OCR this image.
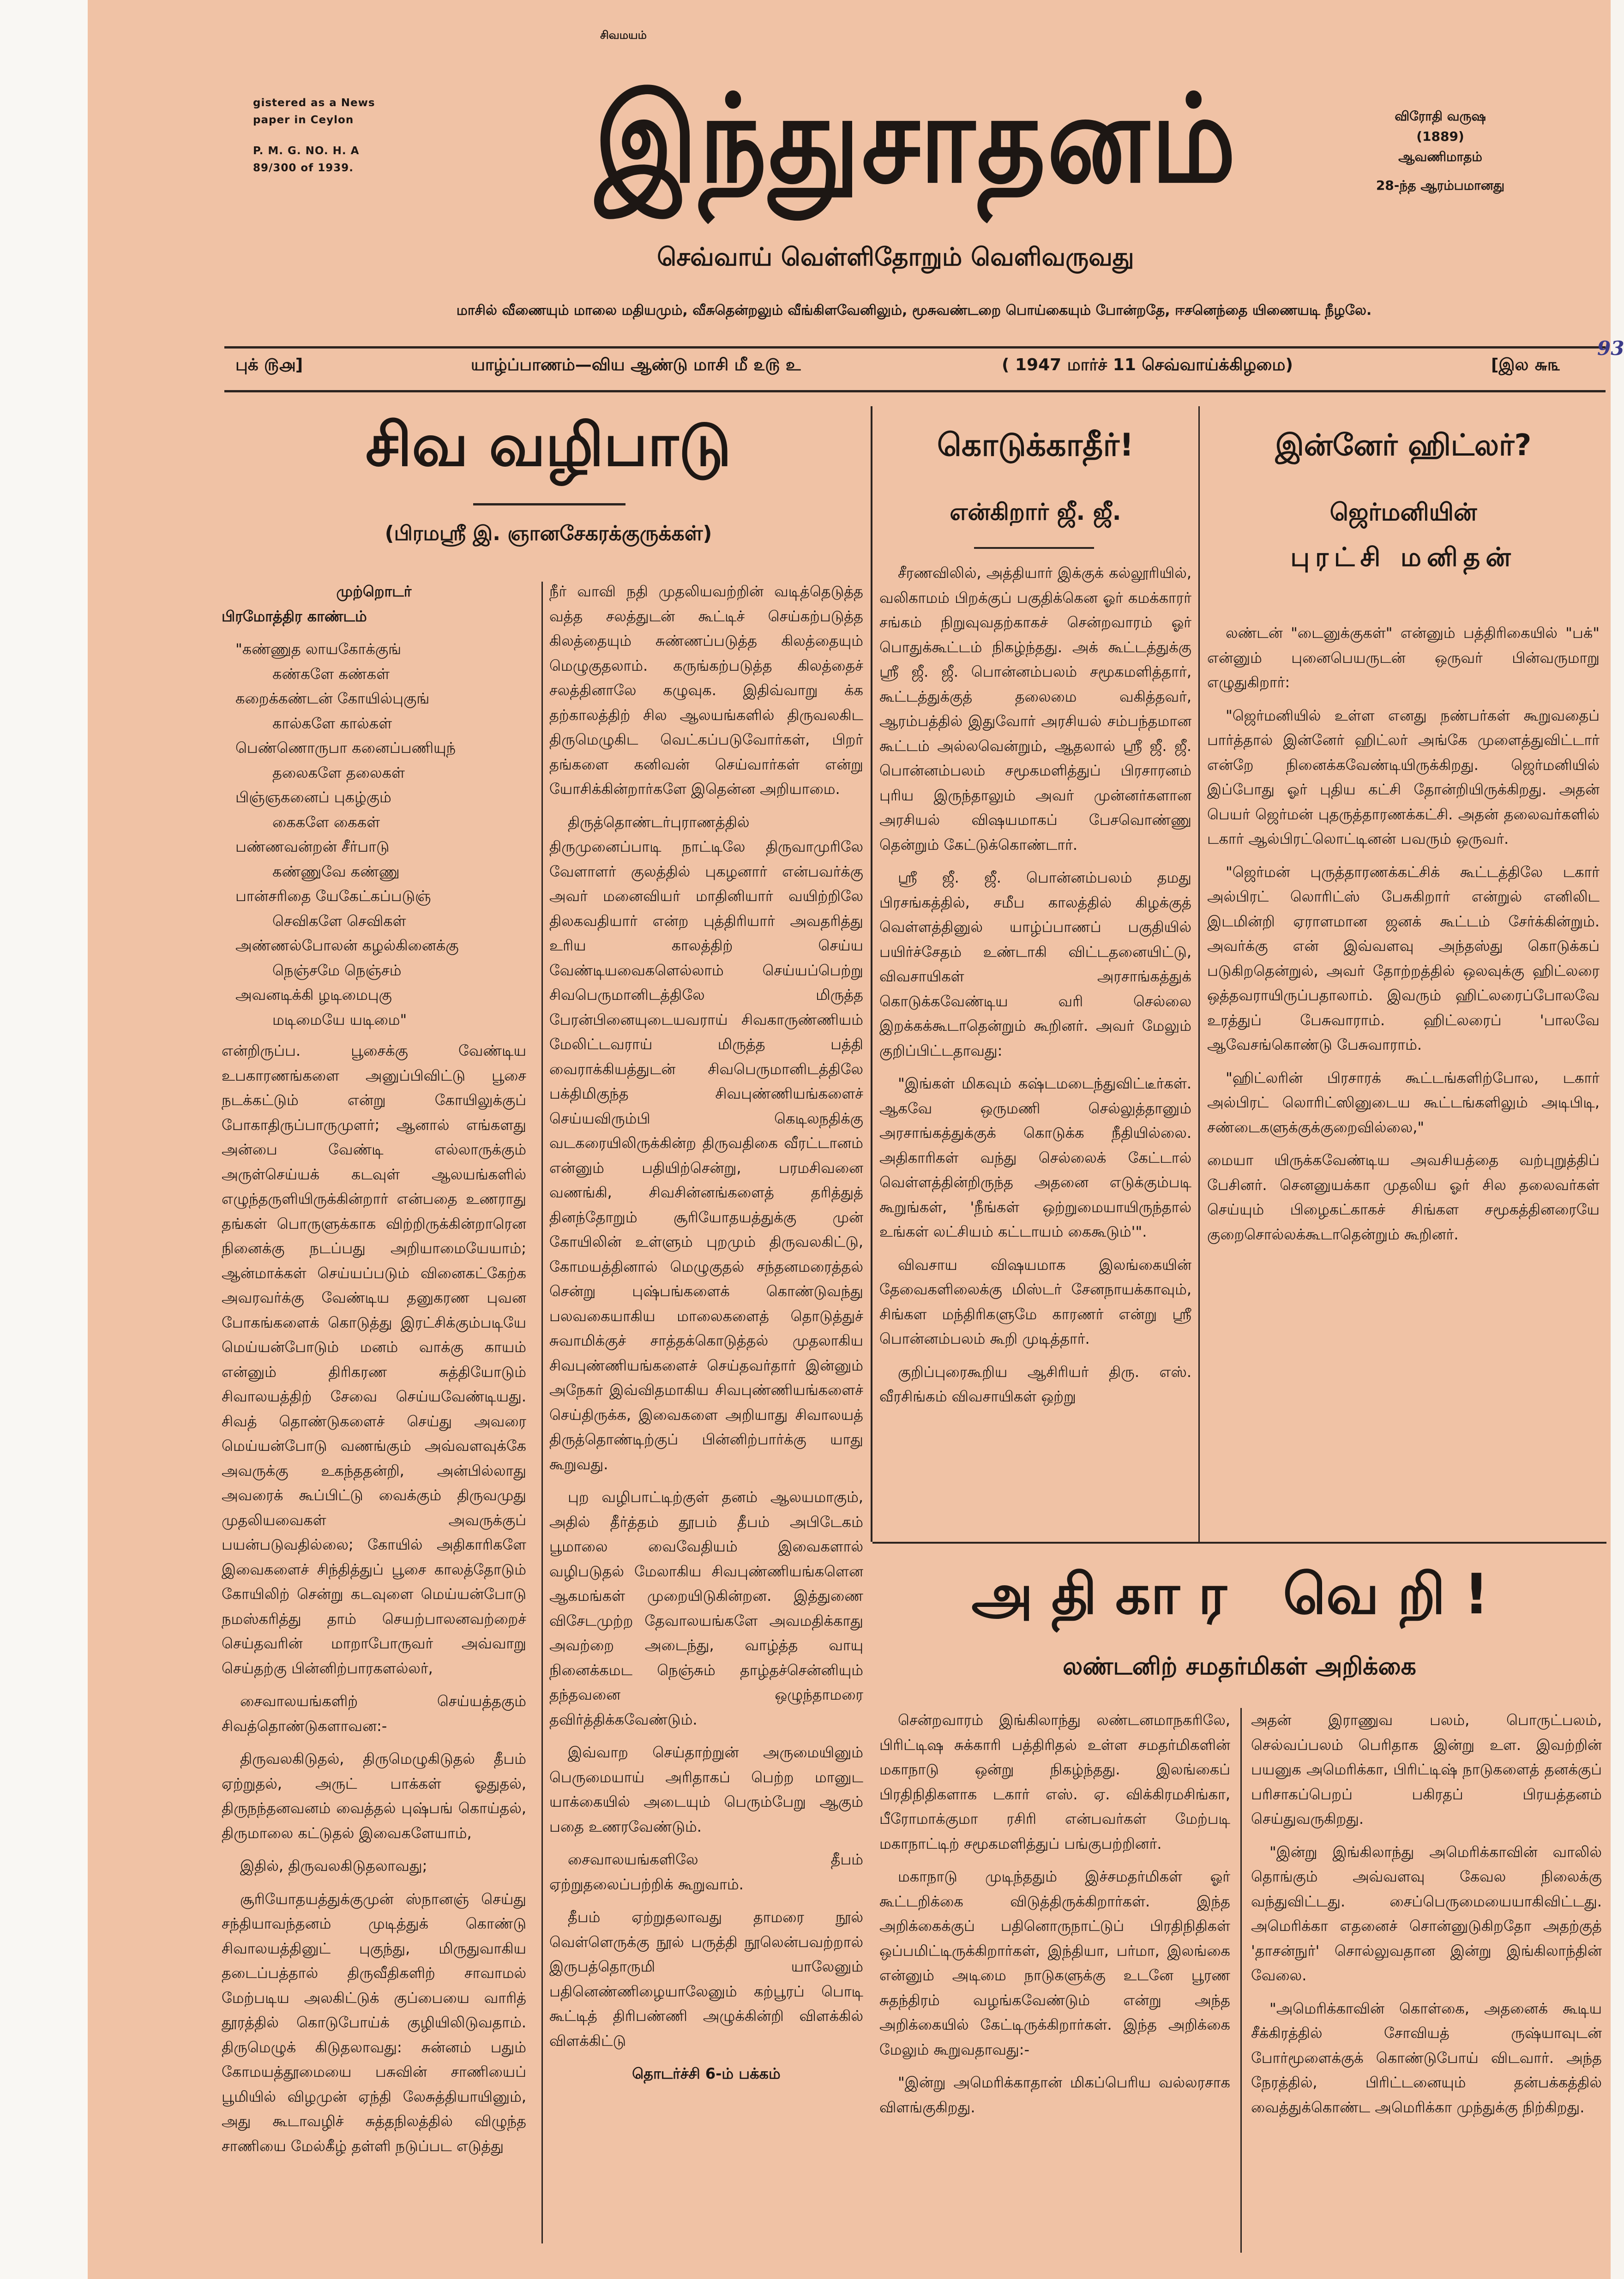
சிவமயம்
gistered as a News
paper in Ceylon
P. M. G. NO. H. A
89/300 of 1939.	இந்துசாதனம்	விரோதி வருஷ
(1889)
ஆவணிமாதம்
28-ந்த ஆரம்பமானது
செவ்வாய் வெள்ளிதோறும் வெளிவருவது
மாசில் வீணையும் மாலை மதியமும், வீசுதென்றலும் வீங்கிளவேனிலும், மூசுவண்டறை பொய்கையும் போன்றதே, ஈசனெந்தை யிணையடி நீழலே.
புக் ௫௮]	யாழ்ப்பாணம்—விய ஆண்டு மாசி மீ ௨௫ உ	( 1947 மார்ச் 11 செவ்வாய்க்கிழமை)	[இல ௬௩
93
சிவ வழிபாடு
(பிரமஸ்ரீ இ. ஞானசேகரக்குருக்கள்)

முற்றொடர்

பிரமோத்திர காண்டம்

"கண்ணுத லாயகோக்குங்
கண்களே கண்கள்
கறைக்கண்டன் கோயில்புகுங்
கால்களே கால்கள்
பெண்ணொருபா கனைப்பணியுந்
தலைகளே தலைகள்
பிஞ்ஞகனைப் புகழ்கும்
கைகளே கைகள்
பண்ணவன்றன் சீர்பாடு
கண்ணுவே கண்ணு
பான்சரிதை யேகேட்கப்படுஞ்
செவிகளே செவிகள்
அண்ணல்போலன் கழல்கினைக்கு
நெஞ்சமே நெஞ்சம்
அவனடிக்கி ழடிமைபுகு
மடிமையே யடிமை"

என்றிருப்ப. பூசைக்கு வேண்டிய உபகாரணங்களை அனுப்பிவிட்டு பூசை நடக்கட்டும் என்று கோயிலுக்குப் போகாதிருப்பாருமுளர்; ஆனால் எங்களது அன்பை வேண்டி எல்லாருக்கும் அருள்செய்யக் கடவுள் ஆலயங்களில் எழுந்தருளியிருக்கின்றார் என்பதை உணராது தங்கள் பொருளுக்காக விற்றிருக்கின்றாரென நினைக்கு நடப்பது அறியாமையேயாம்; ஆன்மாக்கள் செய்யப்படும் வினைகட்கேற்க அவரவர்க்கு வேண்டிய தனுகரண புவன போகங்களைக் கொடுத்து இரட்சிக்கும்படியே மெய்யன்போடும் மனம் வாக்கு காயம் என்னும் திரிகரண சுத்தியோடும் சிவாலயத்திற் சேவை செய்யவேண்டியது. சிவத் தொண்டுகளைச் செய்து அவரை மெய்யன்போடு வணங்கும் அவ்வளவுக்கே அவருக்கு உகந்ததன்றி, அன்பில்லாது அவரைக் கூப்பிட்டு வைக்கும் திருவமுது முதலியவைகள் அவருக்குப் பயன்படுவதில்லை; கோயில் அதிகாரிகளே இவைகளைச் சிந்தித்துப் பூசை காலத்தோடும் கோயிலிற் சென்று கடவுளை மெய்யன்போடு நமஸ்கரித்து தாம் செயற்பாலனவற்றைச் செய்தவரின் மாறாபோருவர் அவ்வாறு செய்தற்கு பின்னிற்பாரகளல்லர்,

சைவாலயங்களிற் செய்யத்தகும் சிவத்தொண்டுகளாவன:-

திருவலகிடுதல், திருமெழுகிடுதல் தீபம் ஏற்றுதல், அருட் பாக்கள் ஓதுதல், திருநந்தனவனம் வைத்தல் புஷ்பங் கொய்தல், திருமாலை கட்டுதல் இவைகளேயாம்,

இதில், திருவலகிடுதலாவது;

சூரியோதயத்துக்குமுன் ஸ்நானஞ் செய்து சந்தியாவந்தனம் முடித்துக் கொண்டு சிவாலயத்தினுட் புகுந்து, மிருதுவாகிய தடைப்பத்தால் திருவீதிகளிற் சாவாமல் மேற்படிய அலகிட்டுக் குப்பையை வாரித் தூரத்தில் கொடுபோய்க் குழியிலிடுவதாம். திருமெழுக் கிடுதலாவது: சுன்னம் பதும் கோமயத்தூமையை பசுவின் சாணியைப் பூமியில் விழமுன் ஏந்தி லேசுத்தியாயினும், அது கூடாவழிச் சுத்தநிலத்தில் விழுந்த சாணியை மேல்கீழ் தள்ளி நடுப்பட எடுத்து

நீர் வாவி நதி முதலியவற்றின் வடித்தெடுத்த வத்த சலத்துடன் கூட்டிச் செய்கற்படுத்த கிலத்தையும் சுண்ணப்படுத்த கிலத்தையும் மெழுகுதலாம். கருங்கற்படுத்த கிலத்தைச் சலத்தினாலே கழுவுக. இதிவ்வாறு க்க தற்காலத்திற் சில ஆலயங்களில் திருவலகிட திருமெழுகிட வெட்கப்படுவோர்கள், பிறர் தங்களை கனிவன் செய்வார்கள் என்று யோசிக்கின்றார்களே இதென்ன அறியாமை.

திருத்தொண்டர்புராணத்தில் திருமுனைப்பாடி நாட்டிலே திருவாமுரிலே வேளாளர் குலத்தில் புகழனார் என்பவர்க்கு அவர் மனைவியர் மாதினியார் வயிற்றிலே திலகவதியார் என்ற புத்திரியார் அவதரித்து உரிய காலத்திற் செய்ய வேண்டியவைகளெல்லாம் செய்யப்பெற்று சிவபெருமானிடத்திலே மிருத்த பேரன்பினையுடையவராய் சிவகாருண்ணியம் மேலிட்டவராய் மிருத்த பத்தி வைராக்கியத்துடன் சிவபெருமானிடத்திலே பக்திமிகுந்த சிவபுண்ணியங்களைச் செய்யவிரும்பி கெடிலநதிக்கு வடகரையிலிருக்கின்ற திருவதிகை வீரட்டானம் என்னும் பதியிற்சென்று, பரமசிவனை வணங்கி, சிவசின்னங்களைத் தரித்துத் தினந்தோறும் சூரியோதயத்துக்கு முன் கோயிலின் உள்ளும் புறமும் திருவலகிட்டு, கோமயத்தினால் மெழுகுதல் சந்தனமரைத்தல் சென்று புஷ்பங்களைக் கொண்டுவந்து பலவகையாகிய மாலைகளைத் தொடுத்துச் சுவாமிக்குச் சாத்தக்கொடுத்தல் முதலாகிய சிவபுண்ணியங்களைச் செய்தவர்தார் இன்னும் அநேகர் இவ்விதமாகிய சிவபுண்ணியங்களைச் செய்திருக்க, இவைகளை அறியாது சிவாலயத் திருத்தொண்டிற்குப் பின்னிற்பார்க்கு யாது கூறுவது.

புற வழிபாட்டிற்குள் தனம் ஆலயமாகும், அதில் தீர்த்தம் தூபம் தீபம் அபிடேகம் பூமாலை வைவேதியம் இவைகளால் வழிபடுதல் மேலாகிய சிவபுண்ணியங்களென ஆகமங்கள் முறையிடுகின்றன. இத்துணை விசேடமுற்ற தேவாலயங்களே அவமதிக்காது அவற்றை அடைந்து, வாழ்த்த வாயு நினைக்கமட நெஞ்சும் தாழ்தச்சென்னியும் தந்தவனை ஒழுந்தாமரை தவிர்த்திக்கவேண்டும்.

இவ்வாற செய்தாற்றுன் அருமையினும் பெருமையாய் அரிதாகப் பெற்ற மானுட யாக்கையில் அடையும் பெரும்பேறு ஆகும் பதை உணரவேண்டும்.

சைவாலயங்களிலே தீபம் ஏற்றுதலைப்பற்றிக் கூறுவாம்.

தீபம் ஏற்றுதலாவது தாமரை நூல் வெள்ளெருக்கு நூல் பருத்தி நூலென்பவற்றால் இருபத்தொருமி யாலேனும் பதினெண்ணிழையாலேனும் கற்பூரப் பொடி கூட்டித் திரிபண்ணி அழுக்கின்றி விளக்கில் விளக்கிட்டு

தொடர்ச்சி 6-ம் பக்கம்

கொடுக்காதீர்!
என்கிறார் ஜீ. ஜீ.

சீரணவிலில், அத்தியார் இக்குக் கல்லூரியில், வலிகாமம் பிறக்குப் பகுதிக்கென ஓர் கமக்காரர் சங்கம் நிறுவுவதற்காகச் சென்றவாரம் ஓர் பொதுக்கூட்டம் நிகழ்ந்தது. அக் கூட்டத்துக்கு ஸ்ரீ ஜீ. ஜீ. பொன்னம்பலம் சமூகமளித்தார், கூட்டத்துக்குத் தலைமை வகித்தவர், ஆரம்பத்தில் இதுவோர் அரசியல் சம்பந்தமான கூட்டம் அல்லவென்றும், ஆதலால் ஸ்ரீ ஜீ. ஜீ. பொன்னம்பலம் சமூகமளித்துப் பிரசாரனம் புரிய இருந்தாலும் அவர் முன்னர்களான அரசியல் விஷயமாகப் பேசவொண்ணு தென்றும் கேட்டுக்கொண்டார்.

ஸ்ரீ ஜீ. ஜீ. பொன்னம்பலம் தமது பிரசங்கத்தில், சமீப காலத்தில் கிழக்குத் வெள்ளத்தினுல் யாழ்ப்பாணப் பகுதியில் பயிர்ச்சேதம் உண்டாகி விட்டதனையிட்டு, விவசாயிகள் அரசாங்கத்துக் கொடுக்கவேண்டிய வரி செல்லை இறக்கக்கூடாதென்றும் கூறினர். அவர் மேலும் குறிப்பிட்டதாவது:

"இங்கள் மிகவும் கஷ்டமடைந்துவிட்டீர்கள். ஆகவே ஒருமணி செல்லுத்தானும் அரசாங்கத்துக்குக் கொடுக்க நீதியில்லை. அதிகாரிகள் வந்து செல்லைக் கேட்டால் வெள்ளத்தின்றிருந்த அதனை எடுக்கும்படி கூறுங்கள், 'நீங்கள் ஒற்றுமையாயிருந்தால் உங்கள் லட்சியம் கட்டாயம் கைகூடும்'".

விவசாய விஷயமாக இலங்கையின் தேவைகளிலைக்கு மிஸ்டர் சேனநாயக்காவும், சிங்கள மந்திரிகளுமே காரணர் என்று ஸ்ரீ பொன்னம்பலம் கூறி முடித்தார்.

குறிப்புரைகூறிய ஆசிரியர் திரு. எஸ். வீரசிங்கம் விவசாயிகள் ஒற்று

இன்னேர் ஹிட்லர்?
ஜெர்மனியின்
புரட்சி மனிதன்

லண்டன் "டைனுக்குகள்" என்னும் பத்திரிகையில் "பக்" என்னும் புனைபெயருடன் ஒருவர் பின்வருமாறு எழுதுகிறார்:

"ஜெர்மனியில் உள்ள எனது நண்பர்கள் கூறுவதைப் பார்த்தால் இன்னேர் ஹிட்லர் அங்கே முளைத்துவிட்டார் என்றே நினைக்கவேண்டியிருக்கிறது. ஜெர்மனியில் இப்போது ஓர் புதிய கட்சி தோன்றியிருக்கிறது. அதன் பெயர் ஜெர்மன் புதருத்தாரணக்கட்சி. அதன் தலைவர்களில் டகார் ஆல்பிரட்லொட்டினன் பவரும் ஒருவர்.

"ஜெர்மன் புருத்தாரணக்கட்சிக் கூட்டத்திலே டகார் அல்பிரட் லொரிட்ஸ் பேசுகிறார் என்றுல் எனிலிட இடமின்றி ஏராளமான ஜனக் கூட்டம் சேர்க்கின்றும். அவர்க்கு என் இவ்வளவு அந்தஸ்து கொடுக்கப் படுகிறதென்றுல், அவர் தோற்றத்தில் ஒலவுக்கு ஹிட்லரை ஒத்தவராயிருப்பதாலாம். இவரும் ஹிட்லரைப்போலவே உரத்துப் பேசுவாராம். ஹிட்லரைப் 'பாலவே ஆவேசங்கொண்டு பேசுவாராம்.

"ஹிட்லரின் பிரசாரக் கூட்டங்களிற்போல, டகார் அல்பிரட் லொரிட்ஸினுடைய கூட்டங்களிலும் அடிபிடி, சண்டைகளுக்குக்குறைவில்லை,"

மையா யிருக்கவேண்டிய அவசியத்தை வற்புறுத்திப் பேசினர். செனனுயக்கா முதலிய ஓர் சில தலைவர்கள் செய்யும் பிழைகட்காகச் சிங்கள சமூகத்தினரையே குறைசொல்லக்கூடாதென்றும் கூறினர்.

அதிகார வெறி!
லண்டனிற் சமதர்மிகள் அறிக்கை

சென்றவாரம் இங்கிலாந்து லண்டனமாநகரிலே, பிரிட்டிஷ சுக்காரி பத்திரிதல் உள்ள சமதர்மிகளின் மகாநாடு ஒன்று நிகழ்ந்தது. இலங்கைப் பிரதிநிதிகளாக டகார் எஸ். ஏ. விக்கிரமசிங்கா, பீரோமாக்குமா ரசிரி என்பவர்கள் மேற்படி மகாநாட்டிற் சமூகமளித்துப் பங்குபற்றினர்.

மகாநாடு முடிந்ததும் இச்சமதர்மிகள் ஓர் கூட்டறிக்கை விடுத்திருக்கிறார்கள். இந்த அறிக்கைக்குப் பதினொருநாட்டுப் பிரதிநிதிகள் ஒப்பமிட்டிருக்கிறார்கள், இந்தியா, பர்மா, இலங்கை என்னும் அடிமை நாடுகளுக்கு உடனே பூரண சுதந்திரம் வழங்கவேண்டும் என்று அந்த அறிக்கையில் கேட்டிருக்கிறார்கள். இந்த அறிக்கை மேலும் கூறுவதாவது:-

"இன்று அமெரிக்காதான் மிகப்பெரிய வல்லரசாக விளங்குகிறது.

அதன் இராணுவ பலம், பொருட்பலம், செல்வப்பலம் பெரிதாக இன்று உள. இவற்றின் பயனுக அமெரிக்கா, பிரிட்டிஷ் நாடுகளைத் தனக்குப் பரிசாகப்பெறப் பகிரதப் பிரயத்தனம் செய்துவருகிறது.

"இன்று இங்கிலாந்து அமெரிக்காவின் வாலில் தொங்கும் அவ்வளவு கேவல நிலைக்கு வந்துவிட்டது. சைப்பெருமையையாகிவிட்டது. அமெரிக்கா எதனைச் சொன்னுடுகிறதோ அதற்குத் 'தாசன்நுர்' சொல்லுவதான இன்று இங்கிலாந்தின் வேலை.

"அமெரிக்காவின் கொள்கை, அதனைக் கூடிய சீக்கிரத்தில் சோவியத் ருஷ்யாவுடன் போர்மூளைக்குக் கொண்டுபோய் விடவார். அந்த நேரத்தில், பிரிட்டனையும் தன்பக்கத்தில் வைத்துக்கொண்ட அமெரிக்கா முந்துக்கு நிற்கிறது.
